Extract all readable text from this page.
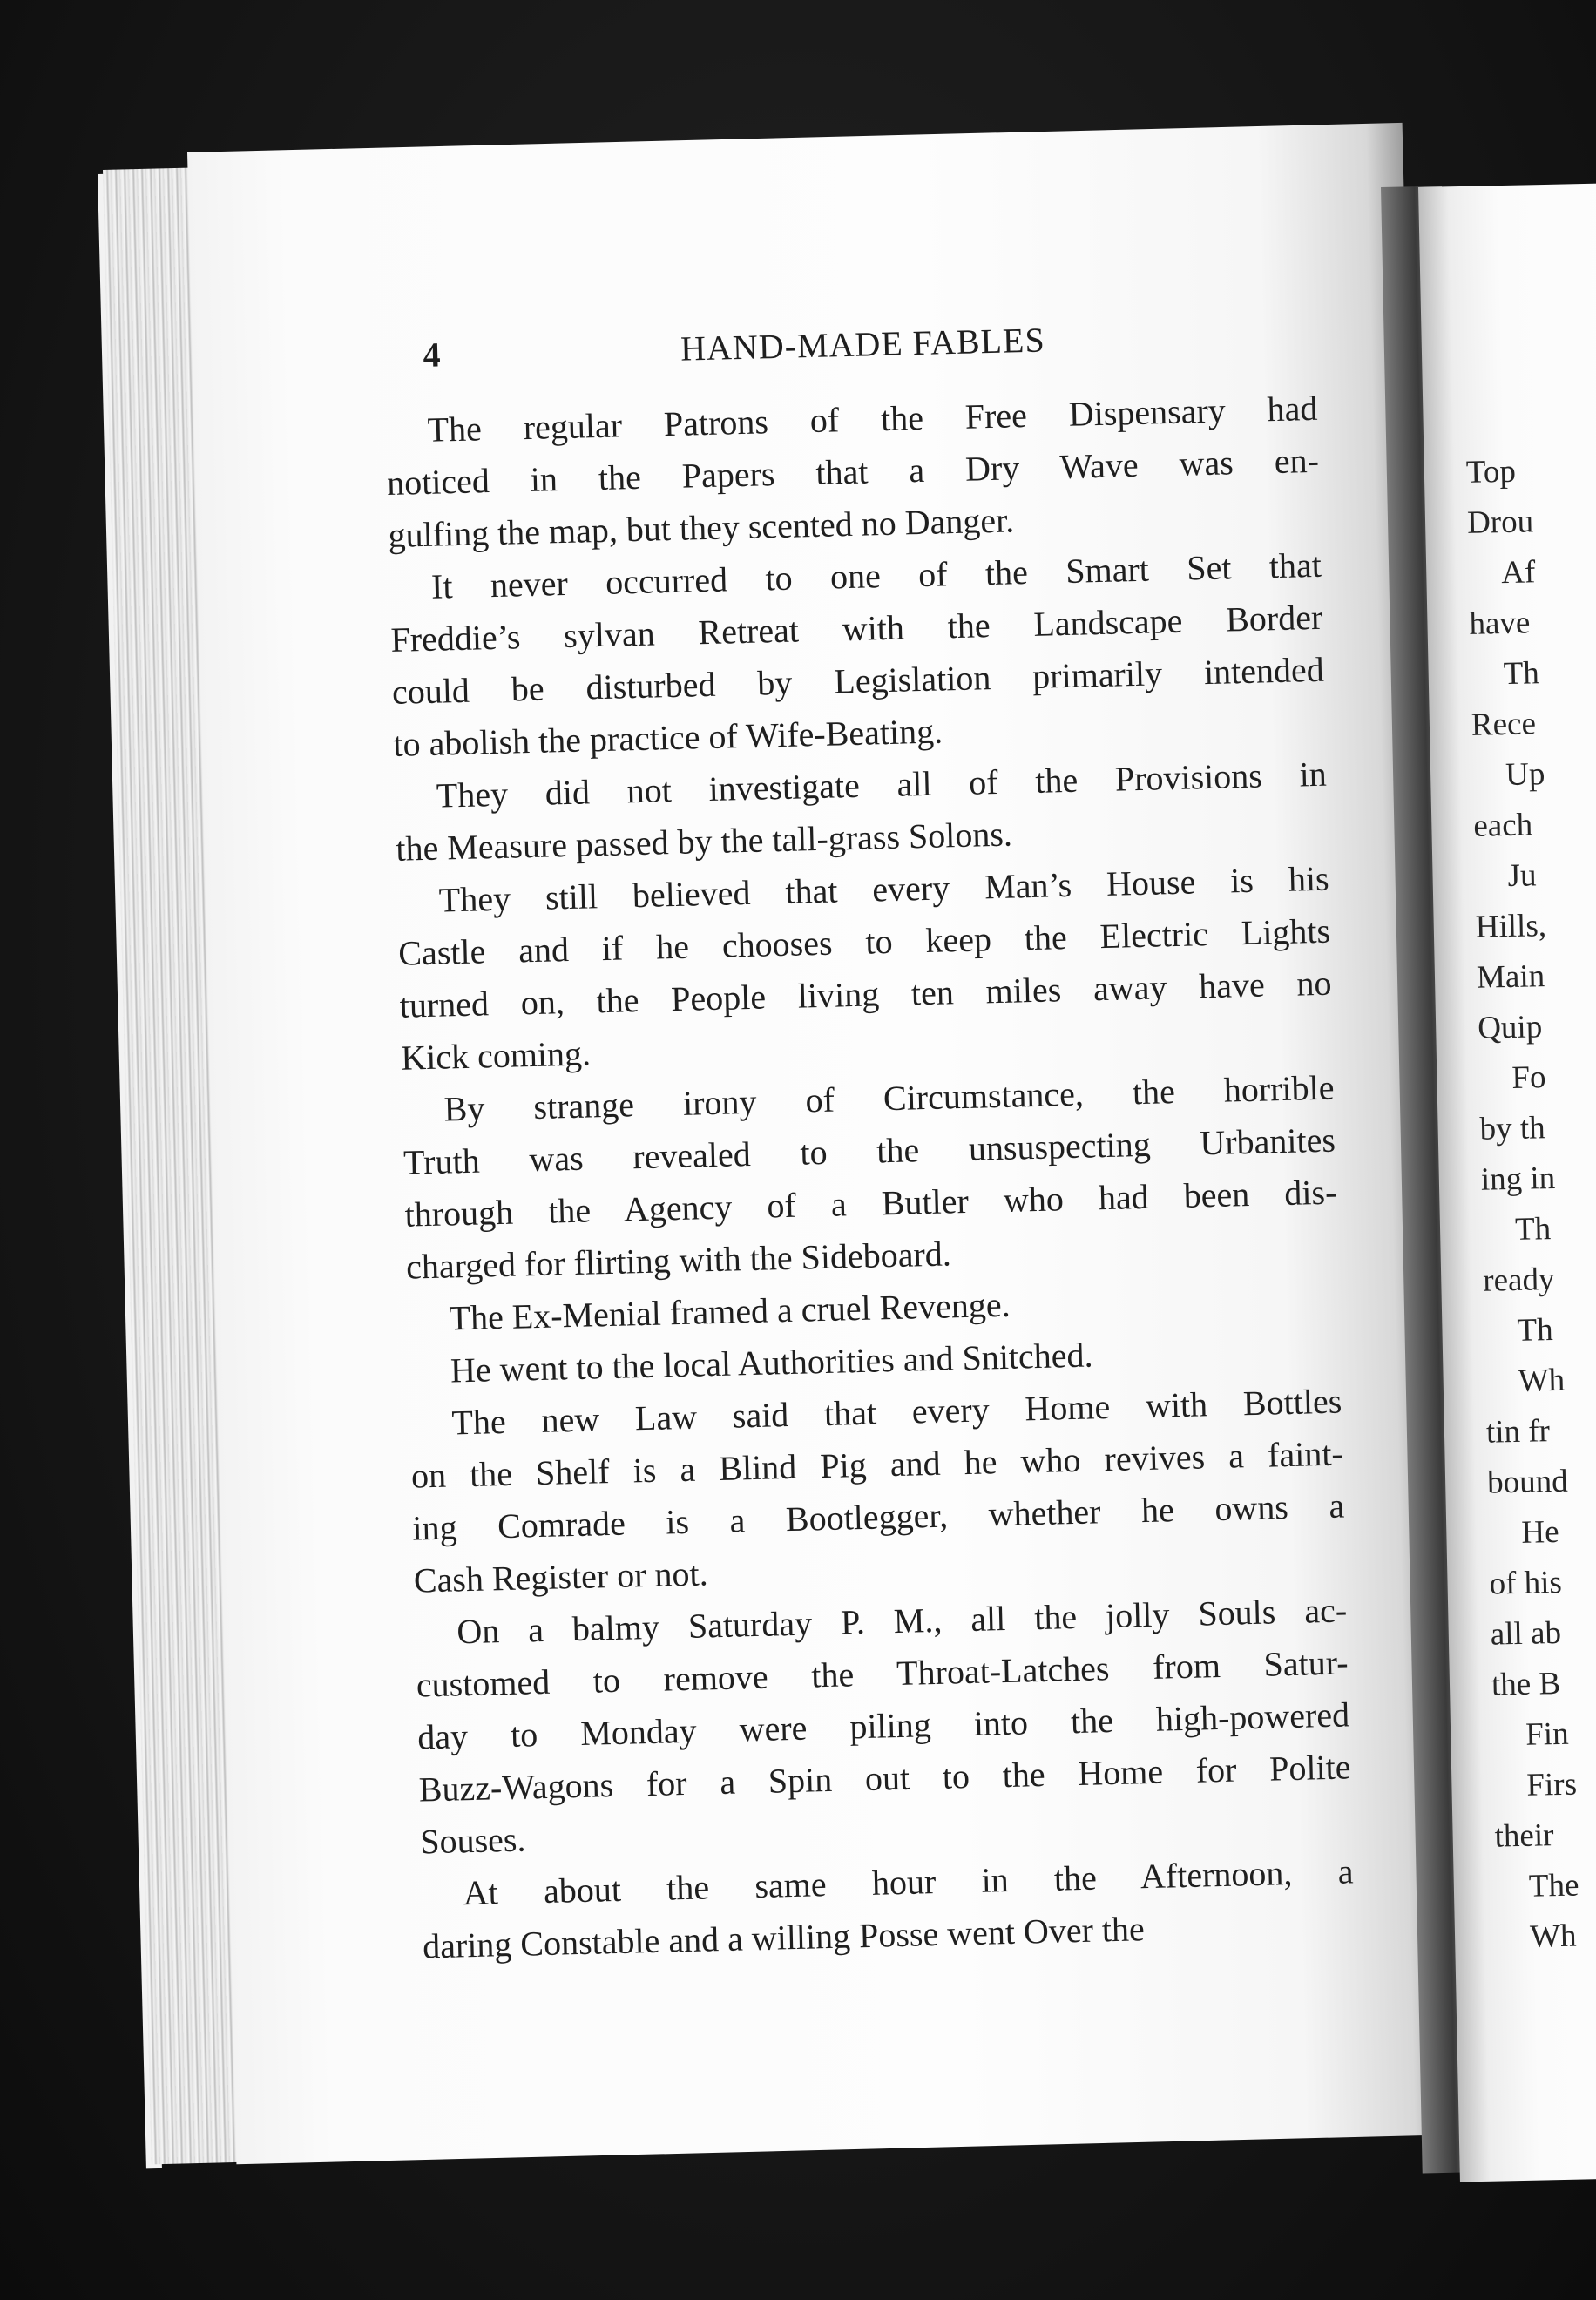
Top
Drou
Af
have
Th
Rece
Up
each
Ju
Hills,
Main
Quip
Fo
by th
ing in
Th
ready
Th
Wh
tin fr
bound
He
of his
all ab
the B
Fin
Firs
their
The
Wh
4	HAND-MADE FABLES

The regular Patrons of the Free Dispensary had
noticed in the Papers that a Dry Wave was en-
gulfing the map, but they scented no Danger.

It never occurred to one of the Smart Set that
Freddie’s sylvan Retreat with the Landscape Border
could be disturbed by Legislation primarily intended
to abolish the practice of Wife-Beating.

They did not investigate all of the Provisions in
the Measure passed by the tall-grass Solons.

They still believed that every Man’s House is his
Castle and if he chooses to keep the Electric Lights
turned on, the People living ten miles away have no
Kick coming.

By strange irony of Circumstance, the horrible
Truth was revealed to the unsuspecting Urbanites
through the Agency of a Butler who had been dis-
charged for flirting with the Sideboard.

The Ex-Menial framed a cruel Revenge.

He went to the local Authorities and Snitched.

The new Law said that every Home with Bottles
on the Shelf is a Blind Pig and he who revives a faint-
ing Comrade is a Bootlegger, whether he owns a
Cash Register or not.

On a balmy Saturday P. M., all the jolly Souls ac-
customed to remove the Throat-Latches from Satur-
day to Monday were piling into the high-powered
Buzz-Wagons for a Spin out to the Home for Polite
Souses.

At about the same hour in the Afternoon, a
daring Constable and a willing Posse went Over the
